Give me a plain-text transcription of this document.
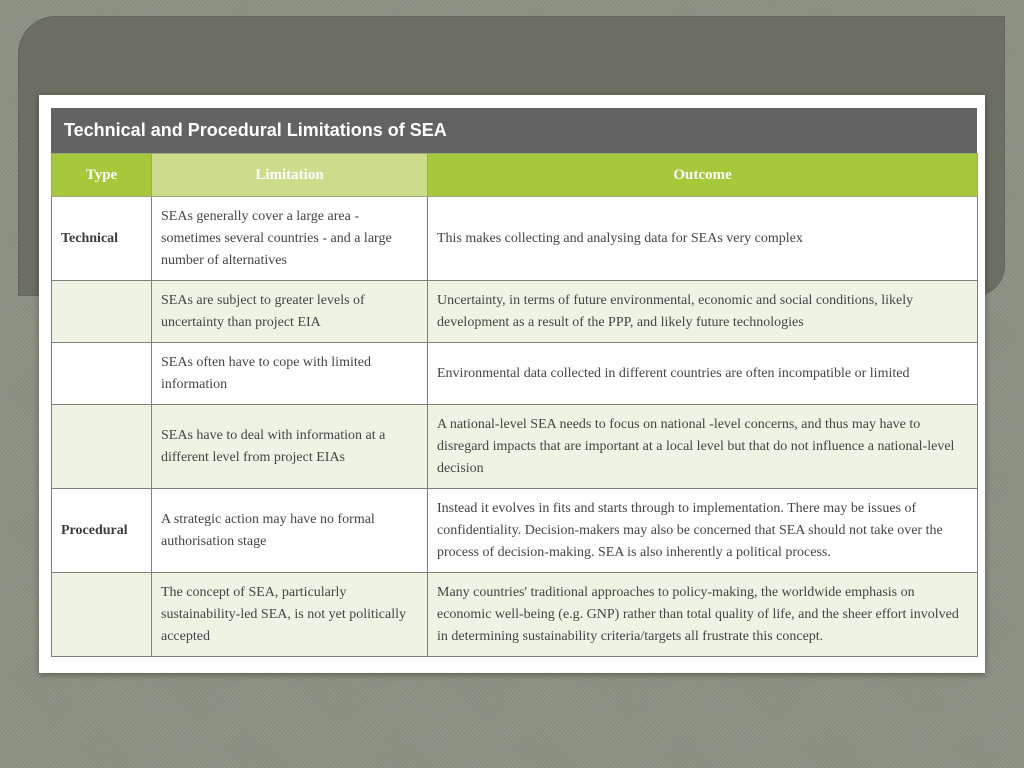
Technical and Procedural Limitations of SEA
Type	Limitation	Outcome
Technical	SEAs generally cover a large area - sometimes several countries - and a large number of alternatives	This makes collecting and analysing data for SEAs very complex
	SEAs are subject to greater levels of uncertainty than project EIA	Uncertainty, in terms of future environmental, economic and social conditions, likely development as a result of the PPP, and likely future technologies
	SEAs often have to cope with limited information	Environmental data collected in different countries are often incompatible or limited
	SEAs have to deal with information at a different level from project EIAs	A national-level SEA needs to focus on national -level concerns, and thus may have to disregard impacts that are important at a local level but that do not influence a national-level decision
Procedural	A strategic action may have no formal authorisation stage	Instead it evolves in fits and starts through to implementation. There may be issues of confidentiality. Decision-makers may also be concerned that SEA should not take over the process of decision-making. SEA is also inherently a political process.
	The concept of SEA, particularly sustainability-led SEA, is not yet politically accepted	Many countries' traditional approaches to policy-making, the worldwide emphasis on economic well-being (e.g. GNP) rather than total quality of life, and the sheer effort involved in determining sustainability criteria/targets all frustrate this concept.
